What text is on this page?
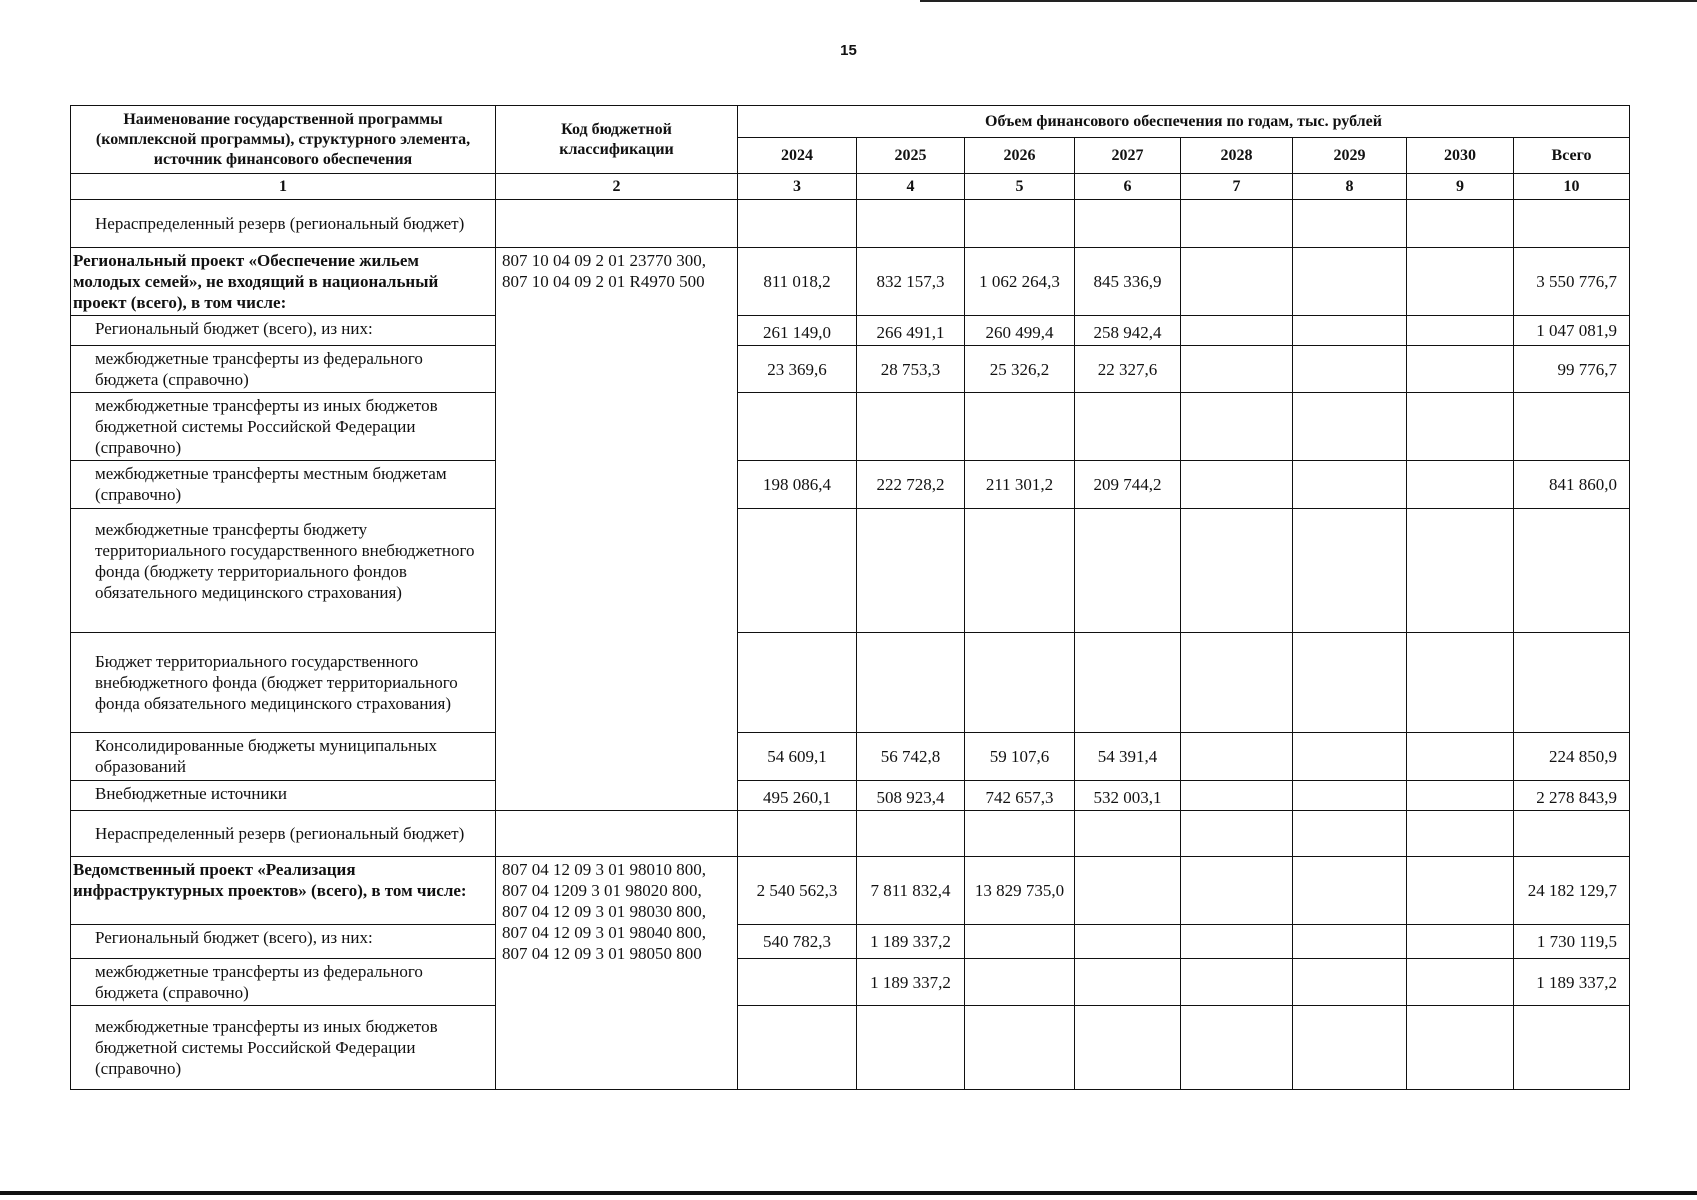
15
Наименование государственной программы (комплексной программы), структурного элемента, источник финансового обеспечения	Код бюджетной классификации	Объем финансового обеспечения по годам, тыс. рублей							
		2024	2025	2026	2027	2028	2029	2030	Всего
1	2	3	4	5	6	7	8	9	10
Нераспределенный резерв (региональный бюджет)									
Региональный проект «Обеспечение жильем молодых семей», не входящий в национальный проект (всего), в том числе:	807 10 04 09 2 01 23770 300, 807 10 04 09 2 01 R4970 500	811 018,2	832 157,3	1 062 264,3	845 336,9				3 550 776,7
Региональный бюджет (всего), из них:		261 149,0	266 491,1	260 499,4	258 942,4				1 047 081,9
межбюджетные трансферты из федерального бюджета (справочно)		23 369,6	28 753,3	25 326,2	22 327,6				99 776,7
межбюджетные трансферты из иных бюджетов бюджетной системы Российской Федерации (справочно)									
межбюджетные трансферты местным бюджетам (справочно)		198 086,4	222 728,2	211 301,2	209 744,2				841 860,0
межбюджетные трансферты бюджету территориального государственного внебюджетного фонда (бюджету территориального фондов обязательного медицинского страхования)									
Бюджет территориального государственного внебюджетного фонда (бюджет территориального фонда обязательного медицинского страхования)									
Консолидированные бюджеты муниципальных образований		54 609,1	56 742,8	59 107,6	54 391,4				224 850,9
Внебюджетные источники		495 260,1	508 923,4	742 657,3	532 003,1				2 278 843,9
Нераспределенный резерв (региональный бюджет)									
Ведомственный проект «Реализация инфраструктурных проектов» (всего), в том числе:	807 04 12 09 3 01 98010 800, 807 04 1209 3 01 98020 800, 807 04 12 09 3 01 98030 800, 807 04 12 09 3 01 98040 800, 807 04 12 09 3 01 98050 800	2 540 562,3	7 811 832,4	13 829 735,0					24 182 129,7
Региональный бюджет (всего), из них:		540 782,3	1 189 337,2						1 730 119,5
межбюджетные трансферты из федерального бюджета (справочно)			1 189 337,2						1 189 337,2
межбюджетные трансферты из иных бюджетов бюджетной системы Российской Федерации (справочно)									
